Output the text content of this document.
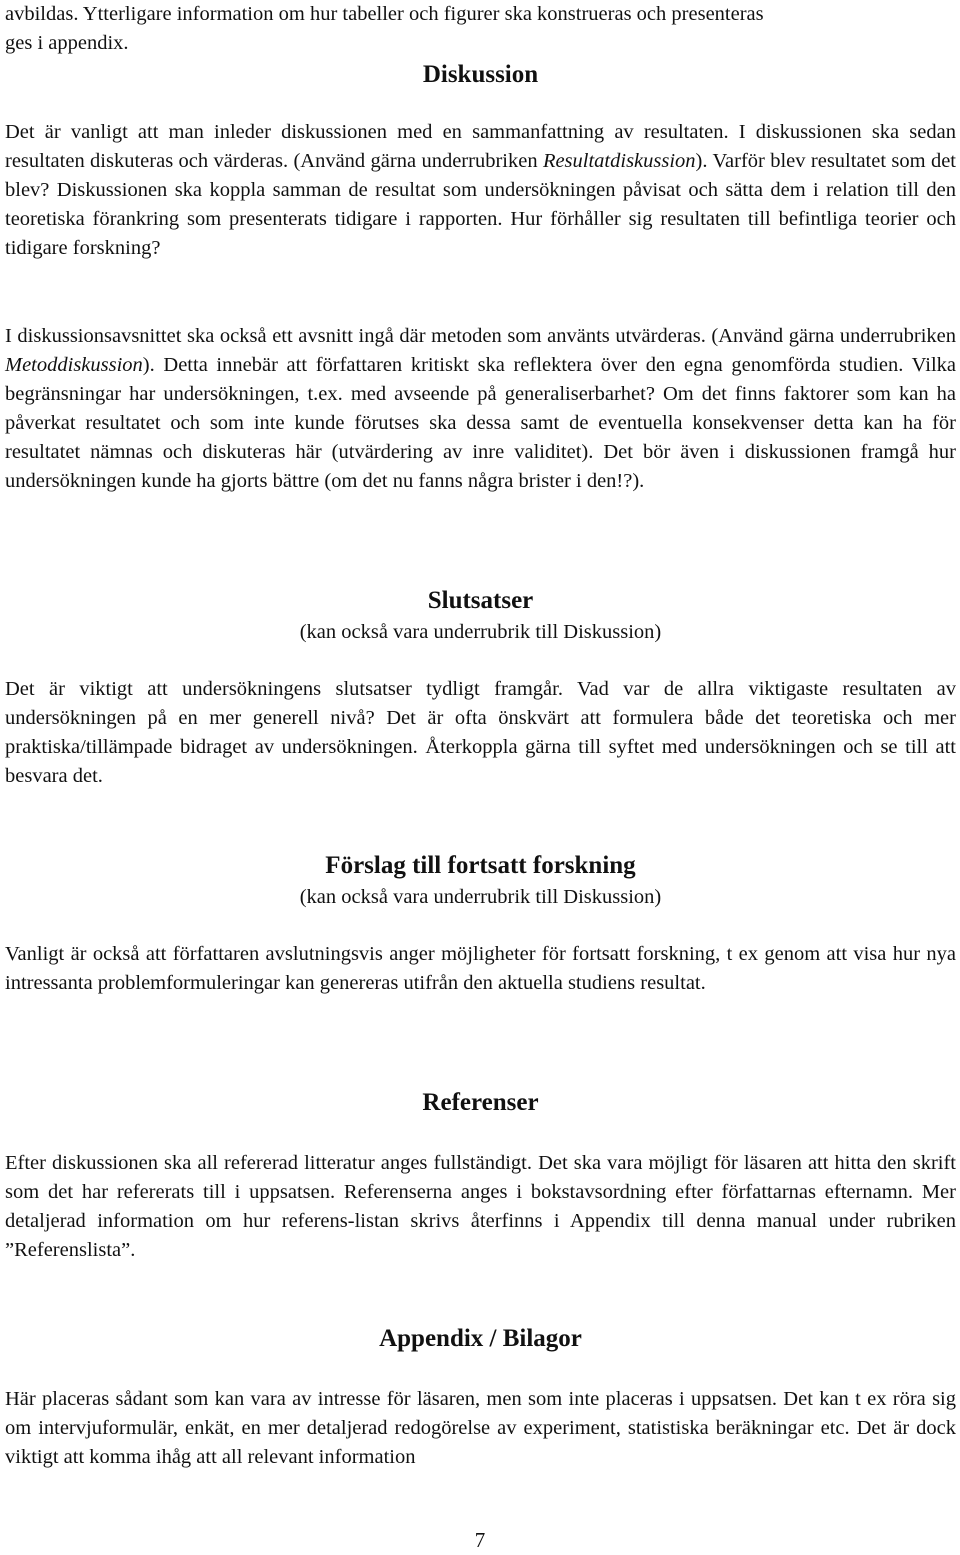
avbildas. Ytterligare information om hur tabeller och figurer ska konstrueras och presenteras
ges i appendix.

Diskussion

Det är vanligt att man inleder diskussionen med en sammanfattning av resultaten. I diskussionen ska sedan resultaten diskuteras och värderas. (Använd gärna underrubriken Resultatdiskussion). Varför blev resultatet som det blev? Diskussionen ska koppla samman de resultat som undersökningen påvisat och sätta dem i relation till den teoretiska förankring som presenterats tidigare i rapporten. Hur förhåller sig resultaten till befintliga teorier och tidigare forskning?

I diskussionsavsnittet ska också ett avsnitt ingå där metoden som använts utvärderas. (Använd gärna underrubriken Metoddiskussion). Detta innebär att författaren kritiskt ska reflektera över den egna genomförda studien. Vilka begränsningar har undersökningen, t.ex. med avseende på generaliserbarhet? Om det finns faktorer som kan ha påverkat resultatet och som inte kunde förutses ska dessa samt de eventuella konsekvenser detta kan ha för resultatet nämnas och diskuteras här (utvärdering av inre validitet). Det bör även i diskussionen framgå hur undersökningen kunde ha gjorts bättre (om det nu fanns några brister i den!?).

Slutsatser

(kan också vara underrubrik till Diskussion)

Det är viktigt att undersökningens slutsatser tydligt framgår. Vad var de allra viktigaste resultaten av undersökningen på en mer generell nivå? Det är ofta önskvärt att formulera både det teoretiska och mer praktiska/tillämpade bidraget av undersökningen. Återkoppla gärna till syftet med undersökningen och se till att besvara det.

Förslag till fortsatt forskning

(kan också vara underrubrik till Diskussion)

Vanligt är också att författaren avslutningsvis anger möjligheter för fortsatt forskning, t ex genom att visa hur nya intressanta problemformuleringar kan genereras utifrån den aktuella studiens resultat.

Referenser

Efter diskussionen ska all refererad litteratur anges fullständigt. Det ska vara möjligt för läsaren att hitta den skrift som det har refererats till i uppsatsen. Referenserna anges i bokstavsordning efter författarnas efternamn. Mer detaljerad information om hur referens-listan skrivs återfinns i Appendix till denna manual under rubriken ”Referenslista”.

Appendix / Bilagor

Här placeras sådant som kan vara av intresse för läsaren, men som inte placeras i uppsatsen. Det kan t ex röra sig om intervjuformulär, enkät, en mer detaljerad redogörelse av experiment, statistiska beräkningar etc. Det är dock viktigt att komma ihåg att all relevant information

7
